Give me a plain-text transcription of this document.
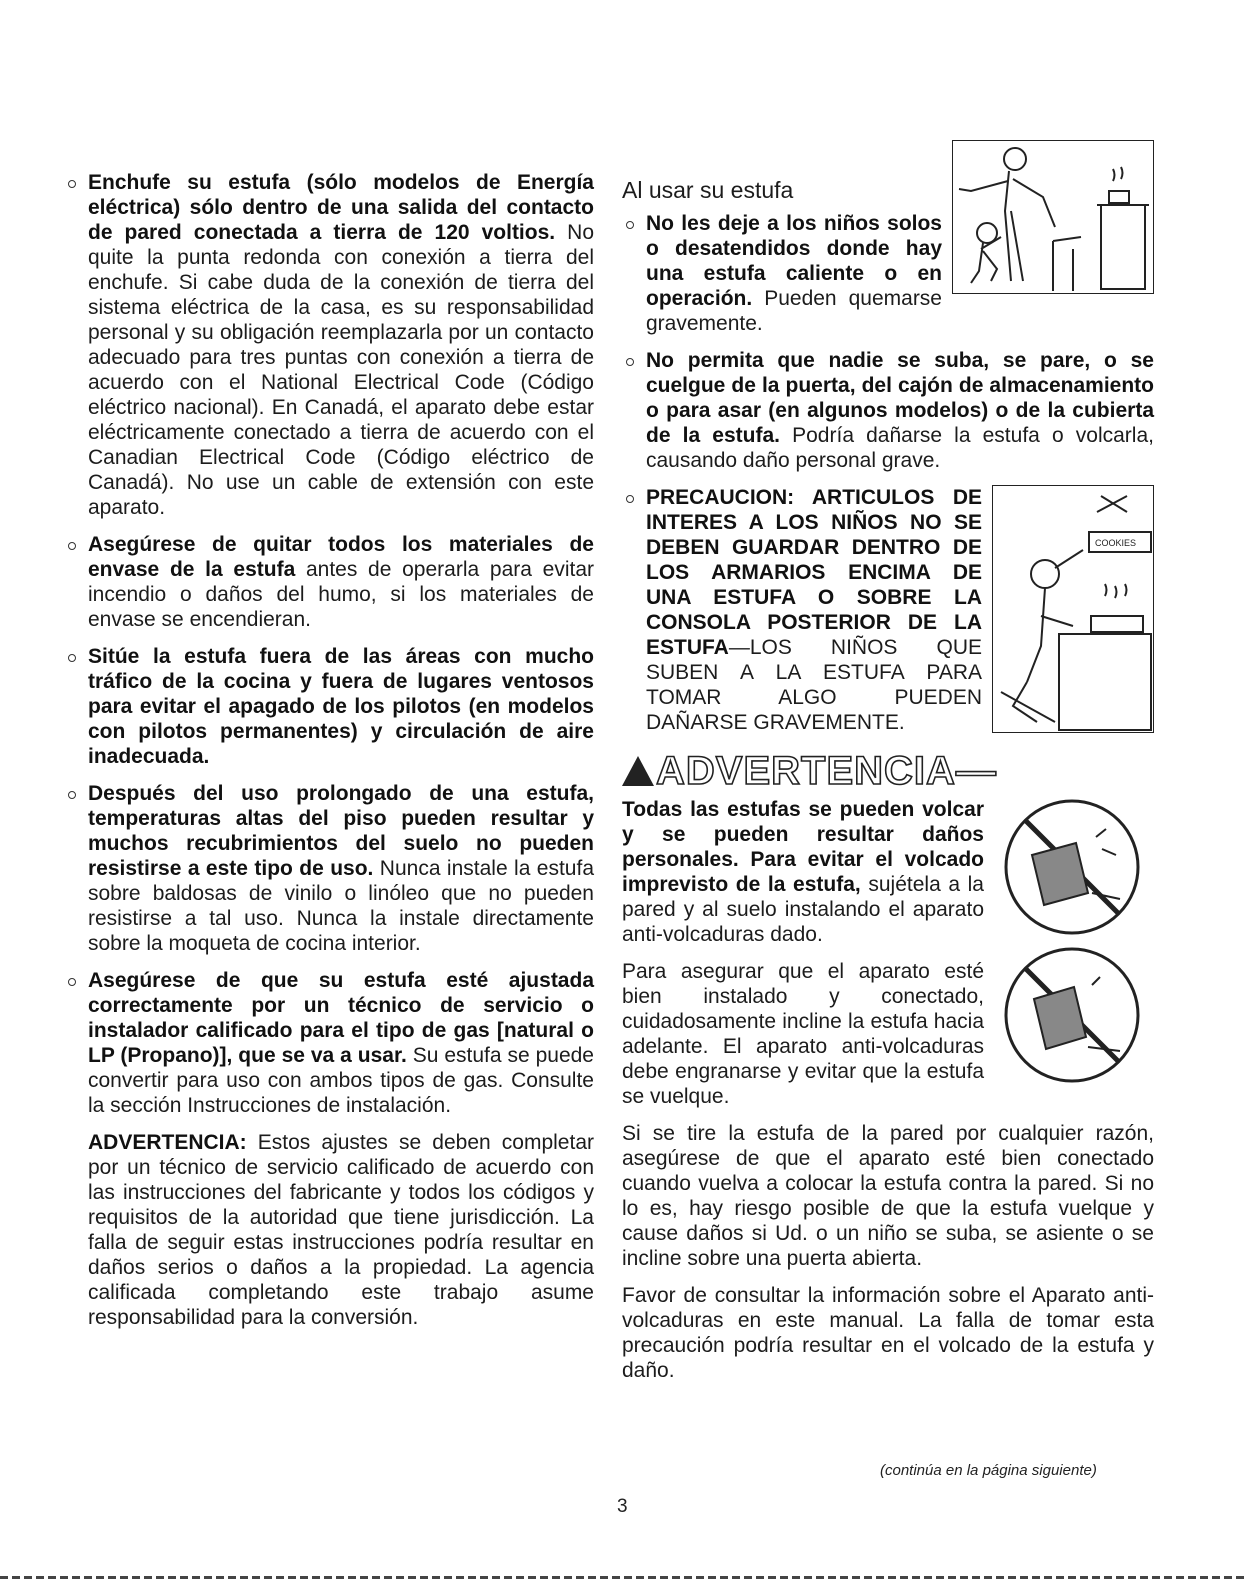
Enchufe su estufa (sólo modelos de Energía eléctrica) sólo dentro de una salida del contacto de pared conectada a tierra de 120 voltios. No quite la punta redonda con conexión a tierra del enchufe. Si cabe duda de la conexión de tierra del sistema eléctrica de la casa, es su responsabilidad personal y su obligación reemplazarla por un contacto adecuado para tres puntas con conexión a tierra de acuerdo con el National Electrical Code (Código eléctrico nacional). En Canadá, el aparato debe estar eléctricamente conectado a tierra de acuerdo con el Canadian Electrical Code (Código eléctrico de Canadá). No use un cable de extensión con este aparato.
Asegúrese de quitar todos los materiales de envase de la estufa antes de operarla para evitar incendio o daños del humo, si los materiales de envase se encendieran.
Sitúe la estufa fuera de las áreas con mucho tráfico de la cocina y fuera de lugares ventosos para evitar el apagado de los pilotos (en modelos con pilotos permanentes) y circulación de aire inadecuada.
Después del uso prolongado de una estufa, temperaturas altas del piso pueden resultar y muchos recubrimientos del suelo no pueden resistirse a este tipo de uso. Nunca instale la estufa sobre baldosas de vinilo o linóleo que no pueden resistirse a tal uso. Nunca la instale directamente sobre la moqueta de cocina interior.
Asegúrese de que su estufa esté ajustada correctamente por un técnico de servicio o instalador calificado para el tipo de gas [natural o LP (Propano)], que se va a usar. Su estufa se puede convertir para uso con ambos tipos de gas. Consulte la sección Instrucciones de instalación.
ADVERTENCIA: Estos ajustes se deben completar por un técnico de servicio calificado de acuerdo con las instrucciones del fabricante y todos los códigos y requisitos de la autoridad que tiene jurisdicción. La falla de seguir estas instrucciones podría resultar en daños serios o daños a la propiedad. La agencia calificada completando este trabajo asume responsabilidad para la conversión.
Al usar su estufa
No les deje a los niños solos o desatendidos donde hay una estufa caliente o en operación. Pueden quemarse gravemente.
No permita que nadie se suba, se pare, o se cuelgue de la puerta, del cajón de almacenamiento o para asar (en algunos modelos) o de la cubierta de la estufa. Podría dañarse la estufa o volcarla, causando daño personal grave.
COOKIES
PRECAUCION: ARTICULOS DE INTERES A LOS NIÑOS NO SE DEBEN GUARDAR DENTRO DE LOS ARMARIOS ENCIMA DE UNA ESTUFA O SOBRE LA CONSOLA POSTERIOR DE LA ESTUFA—LOS NIÑOS QUE SUBEN A LA ESTUFA PARA TOMAR ALGO PUEDEN DAÑARSE GRAVEMENTE.
ADVERTENCIA—
Todas las estufas se pueden volcar y se pueden resultar daños personales. Para evitar el volcado imprevisto de la estufa, sujétela a la pared y al suelo instalando el aparato anti-volcaduras dado.
Para asegurar que el aparato esté bien instalado y conectado, cuidadosamente incline la estufa hacia adelante. El aparato anti-volcaduras debe engranarse y evitar que la estufa se vuelque.
Si se tire la estufa de la pared por cualquier razón, asegúrese de que el aparato esté bien conectado cuando vuelva a colocar la estufa contra la pared. Si no lo es, hay riesgo posible de que la estufa vuelque y cause daños si Ud. o un niño se suba, se asiente o se incline sobre una puerta abierta.
Favor de consultar la información sobre el Aparato anti-volcaduras en este manual. La falla de tomar esta precaución podría resultar en el volcado de la estufa y daño.
(continúa en la página siguiente)
3
